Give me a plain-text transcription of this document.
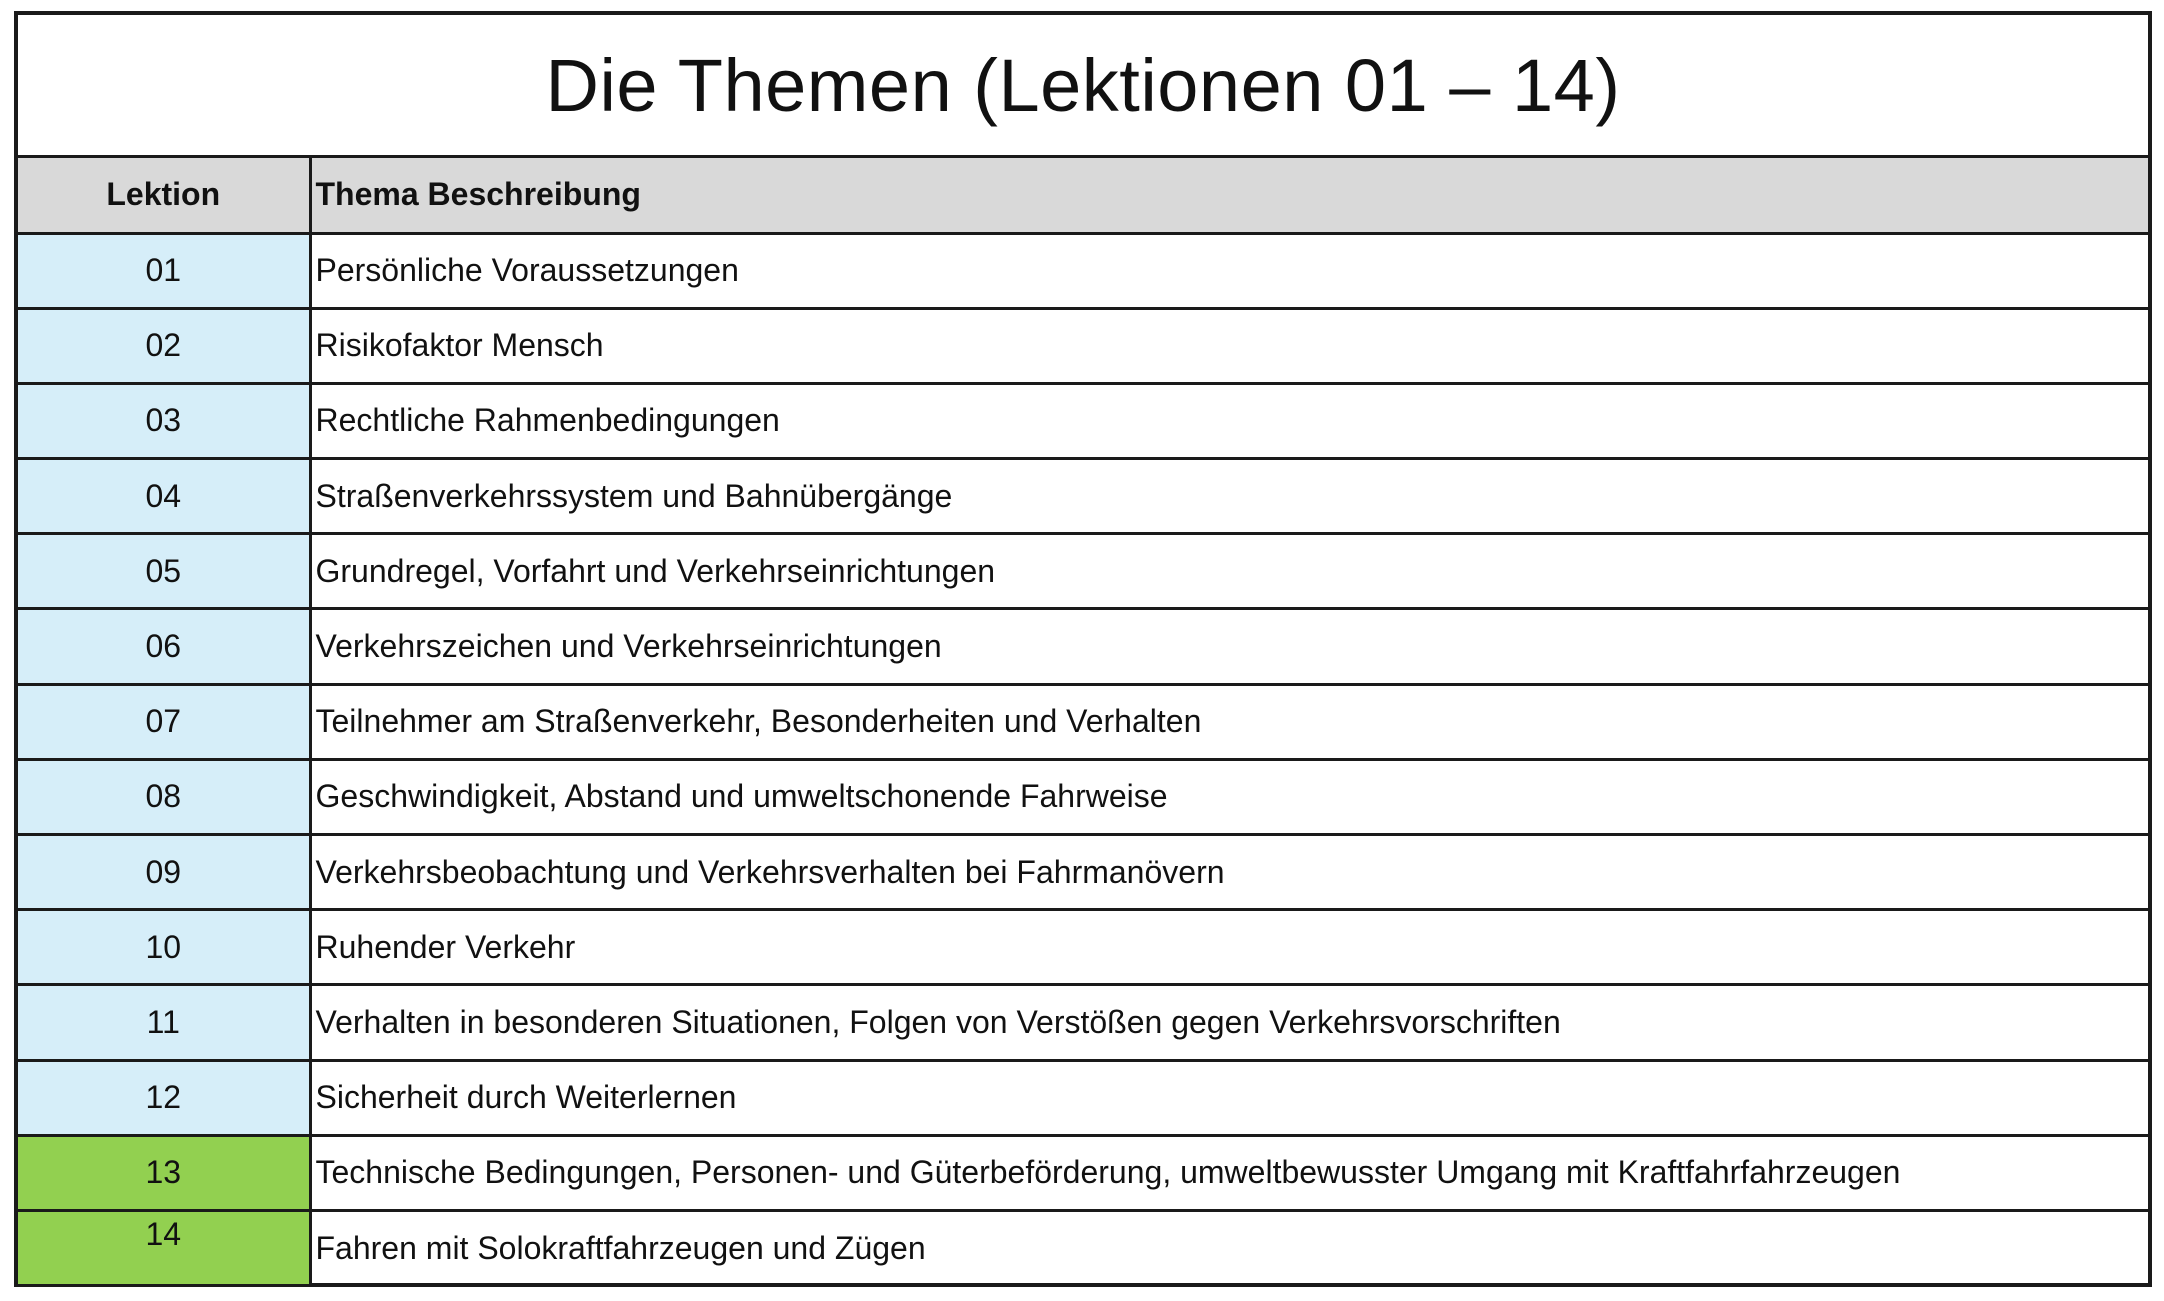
Die Themen (Lektionen 01 – 14)
Lektion	Thema Beschreibung
01	Persönliche Voraussetzungen
02	Risikofaktor Mensch
03	Rechtliche Rahmenbedingungen
04	Straßenverkehrssystem und Bahnübergänge
05	Grundregel, Vorfahrt und Verkehrseinrichtungen
06	Verkehrszeichen und Verkehrseinrichtungen
07	Teilnehmer am Straßenverkehr, Besonderheiten und Verhalten
08	Geschwindigkeit, Abstand und umweltschonende Fahrweise
09	Verkehrsbeobachtung und Verkehrsverhalten bei Fahrmanövern
10	Ruhender Verkehr
11	Verhalten in besonderen Situationen, Folgen von Verstößen gegen Verkehrsvorschriften
12	Sicherheit durch Weiterlernen
13	Technische Bedingungen, Personen- und Güterbeförderung, umweltbewusster Umgang mit Kraftfahrfahrzeugen
14	Fahren mit Solokraftfahrzeugen und Zügen
